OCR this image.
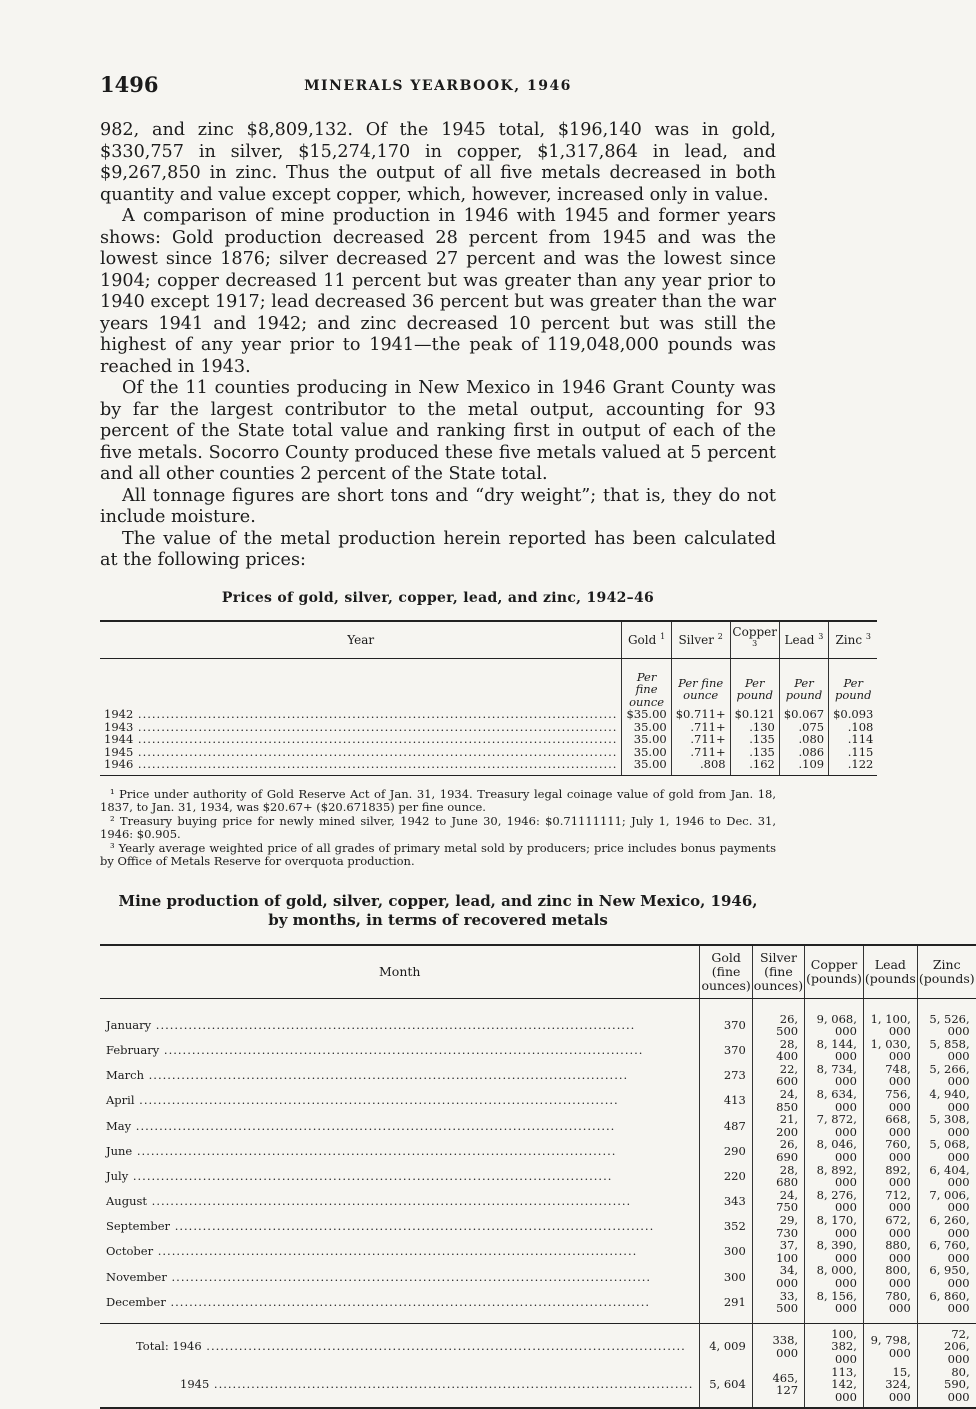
1496	MINERALS YEARBOOK, 1946

982, and zinc $8,809,132. Of the 1945 total, $196,140 was in gold, $330,757 in silver, $15,274,170 in copper, $1,317,864 in lead, and $9,267,850 in zinc. Thus the output of all five metals decreased in both quantity and value except copper, which, however, increased only in value.

A comparison of mine production in 1946 with 1945 and former years shows: Gold production decreased 28 percent from 1945 and was the lowest since 1876; silver decreased 27 percent and was the lowest since 1904; copper decreased 11 percent but was greater than any year prior to 1940 except 1917; lead decreased 36 percent but was greater than the war years 1941 and 1942; and zinc decreased 10 percent but was still the highest of any year prior to 1941—the peak of 119,048,000 pounds was reached in 1943.

Of the 11 counties producing in New Mexico in 1946 Grant County was by far the largest contributor to the metal output, accounting for 93 percent of the State total value and ranking first in output of each of the five metals. Socorro County produced these five metals valued at 5 percent and all other counties 2 percent of the State total.

All tonnage figures are short tons and “dry weight”; that is, they do not include moisture.

The value of the metal production herein reported has been calculated at the following prices:

Prices of gold, silver, copper, lead, and zinc, 1942–46
Year	Gold $^1$	Silver $^2$	Copper $^3$	Lead $^3$	Zinc $^3$
	Per fine ounce	Per fine ounce	Per pound	Per pound	Per pound
1942 .....	$35.00	$0.711+	$0.121	$0.067	$0.093
1943 .....	35.00	.711+	.130	.075	.108
1944 .....	35.00	.711+	.135	.080	.114
1945 .....	35.00	.711+	.135	.086	.115
1946 .....	35.00	.808	.162	.109	.122

¹ Price under authority of Gold Reserve Act of Jan. 31, 1934. Treasury legal coinage value of gold from Jan. 18, 1837, to Jan. 31, 1934, was $20.67+ ($20.671835) per fine ounce.

² Treasury buying price for newly mined silver, 1942 to June 30, 1946: $0.71111111; July 1, 1946 to Dec. 31, 1946: $0.905.

³ Yearly average weighted price of all grades of primary metal sold by producers; price includes bonus payments by Office of Metals Reserve for overquota production.

Mine production of gold, silver, copper, lead, and zinc in New Mexico, 1946,
by months, in terms of recovered metals
Month	Gold (fine ounces)	Silver (fine ounces)	Copper (pounds)	Lead (pounds	Zinc (pounds)
January .....	370	26, 500	9, 068, 000	1, 100, 000	5, 526, 000
February .....	370	28, 400	8, 144, 000	1, 030, 000	5, 858, 000
March .....	273	22, 600	8, 734, 000	748, 000	5, 266, 000
April .....	413	24, 850	8, 634, 000	756, 000	4, 940, 000
May .....	487	21, 200	7, 872, 000	668, 000	5, 308, 000
June .....	290	26, 690	8, 046, 000	760, 000	5, 068, 000
July .....	220	28, 680	8, 892, 000	892, 000	6, 404, 000
August .....	343	24, 750	8, 276, 000	712, 000	7, 006, 000
September .....	352	29, 730	8, 170, 000	672, 000	6, 260, 000
October .....	300	37, 100	8, 390, 000	880, 000	6, 760, 000
November .....	300	34, 000	8, 000, 000	800, 000	6, 950, 000
December .....	291	33, 500	8, 156, 000	780, 000	6, 860, 000
Total: 1946 .....	4, 009	338, 000	100, 382, 000	9, 798, 000	72, 206, 000
1945 .....	5, 604	465, 127	113, 142, 000	15, 324, 000	80, 590, 000
